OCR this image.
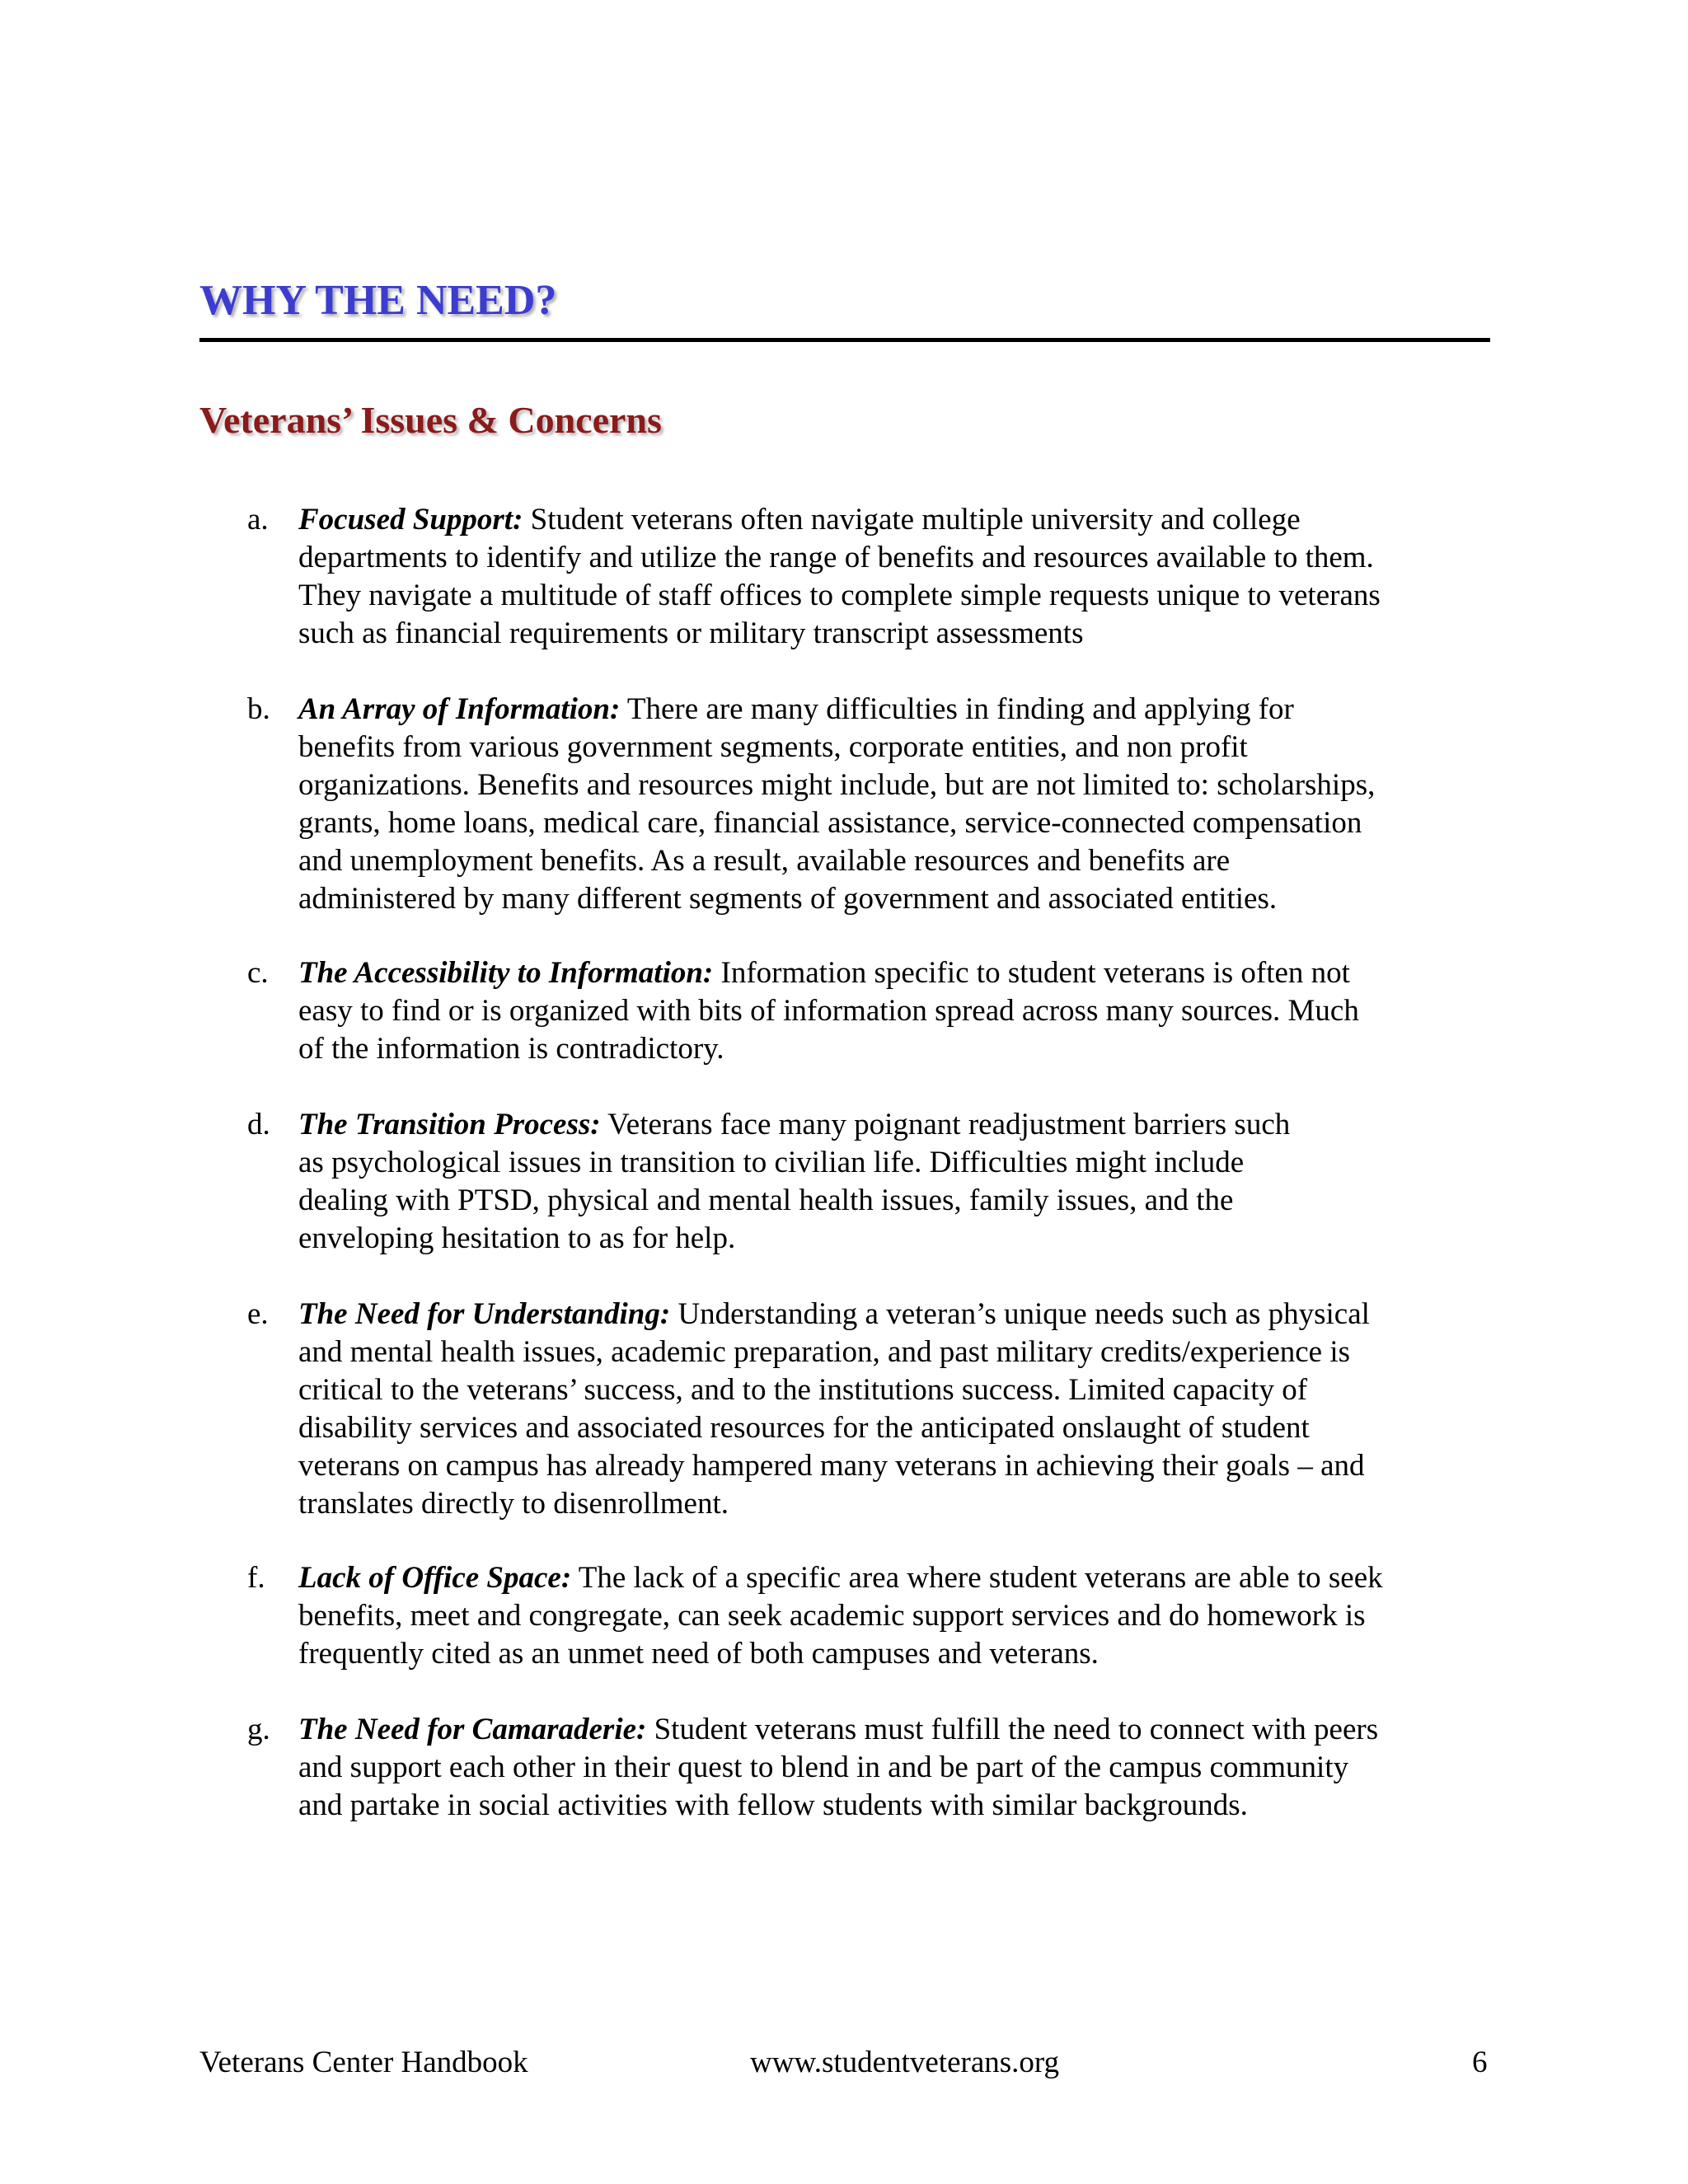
WHY THE NEED?
Veterans’ Issues & Concerns
a. Focused Support: Student veterans often navigate multiple university and college
departments to identify and utilize the range of benefits and resources available to them.
They navigate a multitude of staff offices to complete simple requests unique to veterans
such as financial requirements or military transcript assessments
b. An Array of Information: There are many difficulties in finding and applying for
benefits from various government segments, corporate entities, and non profit
organizations. Benefits and resources might include, but are not limited to: scholarships,
grants, home loans, medical care, financial assistance, service-connected compensation
and unemployment benefits. As a result, available resources and benefits are
administered by many different segments of government and associated entities.
c. The Accessibility to Information: Information specific to student veterans is often not
easy to find or is organized with bits of information spread across many sources. Much
of the information is contradictory.
d. The Transition Process: Veterans face many poignant readjustment barriers such
as psychological issues in transition to civilian life. Difficulties might include
dealing with PTSD, physical and mental health issues, family issues, and the
enveloping hesitation to as for help.
e. The Need for Understanding: Understanding a veteran’s unique needs such as physical
and mental health issues, academic preparation, and past military credits/experience is
critical to the veterans’ success, and to the institutions success. Limited capacity of
disability services and associated resources for the anticipated onslaught of student
veterans on campus has already hampered many veterans in achieving their goals – and
translates directly to disenrollment.
f. Lack of Office Space: The lack of a specific area where student veterans are able to seek
benefits, meet and congregate, can seek academic support services and do homework is
frequently cited as an unmet need of both campuses and veterans.
g. The Need for Camaraderie: Student veterans must fulfill the need to connect with peers
and support each other in their quest to blend in and be part of the campus community
and partake in social activities with fellow students with similar backgrounds.
Veterans Center Handbook	www.studentveterans.org	6
